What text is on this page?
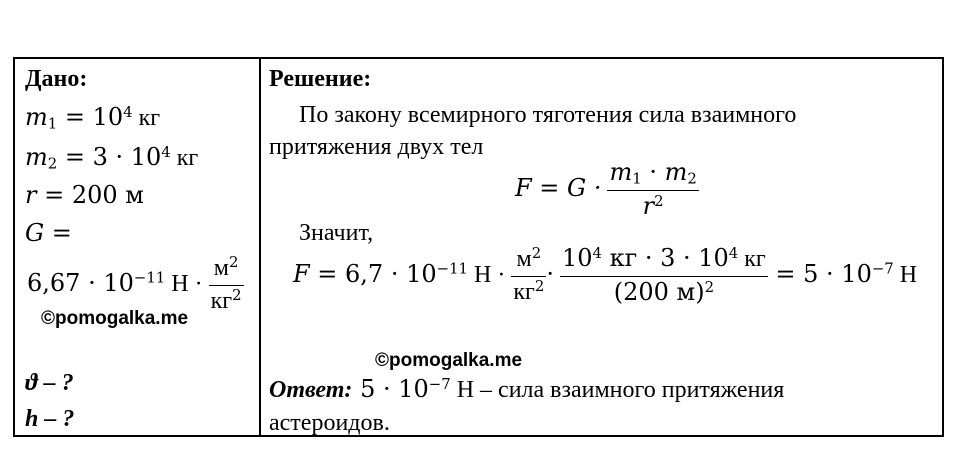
Дано:
$m_1 = 10^4$ кг
$m_2 = 3 \cdot 10^4$ кг
r = 200 м
G =
$6,67 \cdot 10^{-11}$ $Н \cdot \frac{м^2}{кг^2}$
©pomogalka.me
ϑ – ?
h – ?
Решение:
По закону всемирного тяготения сила взаимного
притяжения двух тел
$F = G \cdot \frac{m_1 \cdot m_2}{r^2}$
Значит,
$F = 6,7 \cdot 10^{-11}$ $Н \cdot \frac{м^2}{кг^2} \cdot \frac{10^4 кг \cdot 3 \cdot 10^4 кг}{(200 м)^2} = 5 \cdot 10^{-7}$ Н
©pomogalka.me
Ответ: $5 \cdot 10^{-7}$ Н – сила взаимного притяжения
астероидов.
